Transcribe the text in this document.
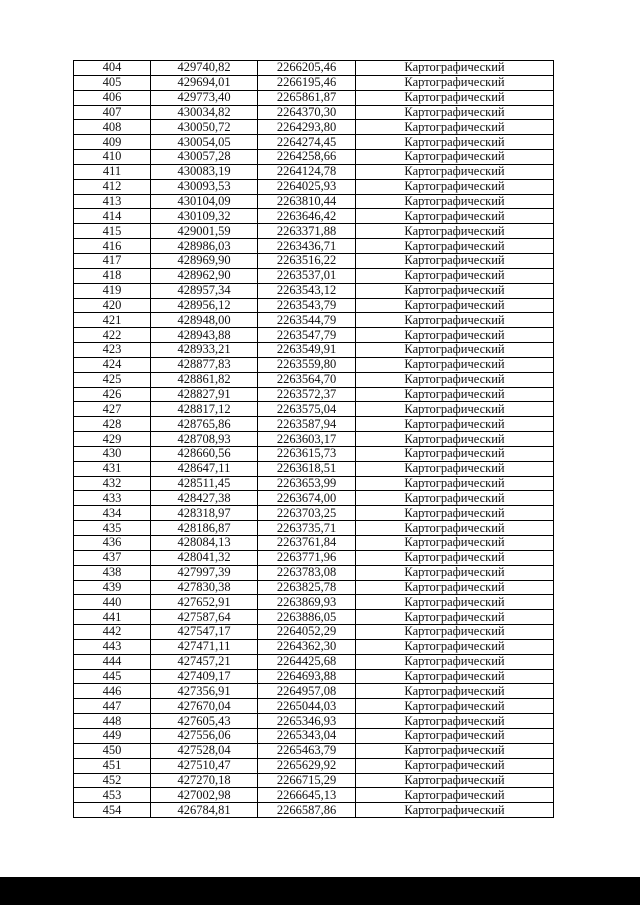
404	429740,82	2266205,46	Картографический
405	429694,01	2266195,46	Картографический
406	429773,40	2265861,87	Картографический
407	430034,82	2264370,30	Картографический
408	430050,72	2264293,80	Картографический
409	430054,05	2264274,45	Картографический
410	430057,28	2264258,66	Картографический
411	430083,19	2264124,78	Картографический
412	430093,53	2264025,93	Картографический
413	430104,09	2263810,44	Картографический
414	430109,32	2263646,42	Картографический
415	429001,59	2263371,88	Картографический
416	428986,03	2263436,71	Картографический
417	428969,90	2263516,22	Картографический
418	428962,90	2263537,01	Картографический
419	428957,34	2263543,12	Картографический
420	428956,12	2263543,79	Картографический
421	428948,00	2263544,79	Картографический
422	428943,88	2263547,79	Картографический
423	428933,21	2263549,91	Картографический
424	428877,83	2263559,80	Картографический
425	428861,82	2263564,70	Картографический
426	428827,91	2263572,37	Картографический
427	428817,12	2263575,04	Картографический
428	428765,86	2263587,94	Картографический
429	428708,93	2263603,17	Картографический
430	428660,56	2263615,73	Картографический
431	428647,11	2263618,51	Картографический
432	428511,45	2263653,99	Картографический
433	428427,38	2263674,00	Картографический
434	428318,97	2263703,25	Картографический
435	428186,87	2263735,71	Картографический
436	428084,13	2263761,84	Картографический
437	428041,32	2263771,96	Картографический
438	427997,39	2263783,08	Картографический
439	427830,38	2263825,78	Картографический
440	427652,91	2263869,93	Картографический
441	427587,64	2263886,05	Картографический
442	427547,17	2264052,29	Картографический
443	427471,11	2264362,30	Картографический
444	427457,21	2264425,68	Картографический
445	427409,17	2264693,88	Картографический
446	427356,91	2264957,08	Картографический
447	427670,04	2265044,03	Картографический
448	427605,43	2265346,93	Картографический
449	427556,06	2265343,04	Картографический
450	427528,04	2265463,79	Картографический
451	427510,47	2265629,92	Картографический
452	427270,18	2266715,29	Картографический
453	427002,98	2266645,13	Картографический
454	426784,81	2266587,86	Картографический
